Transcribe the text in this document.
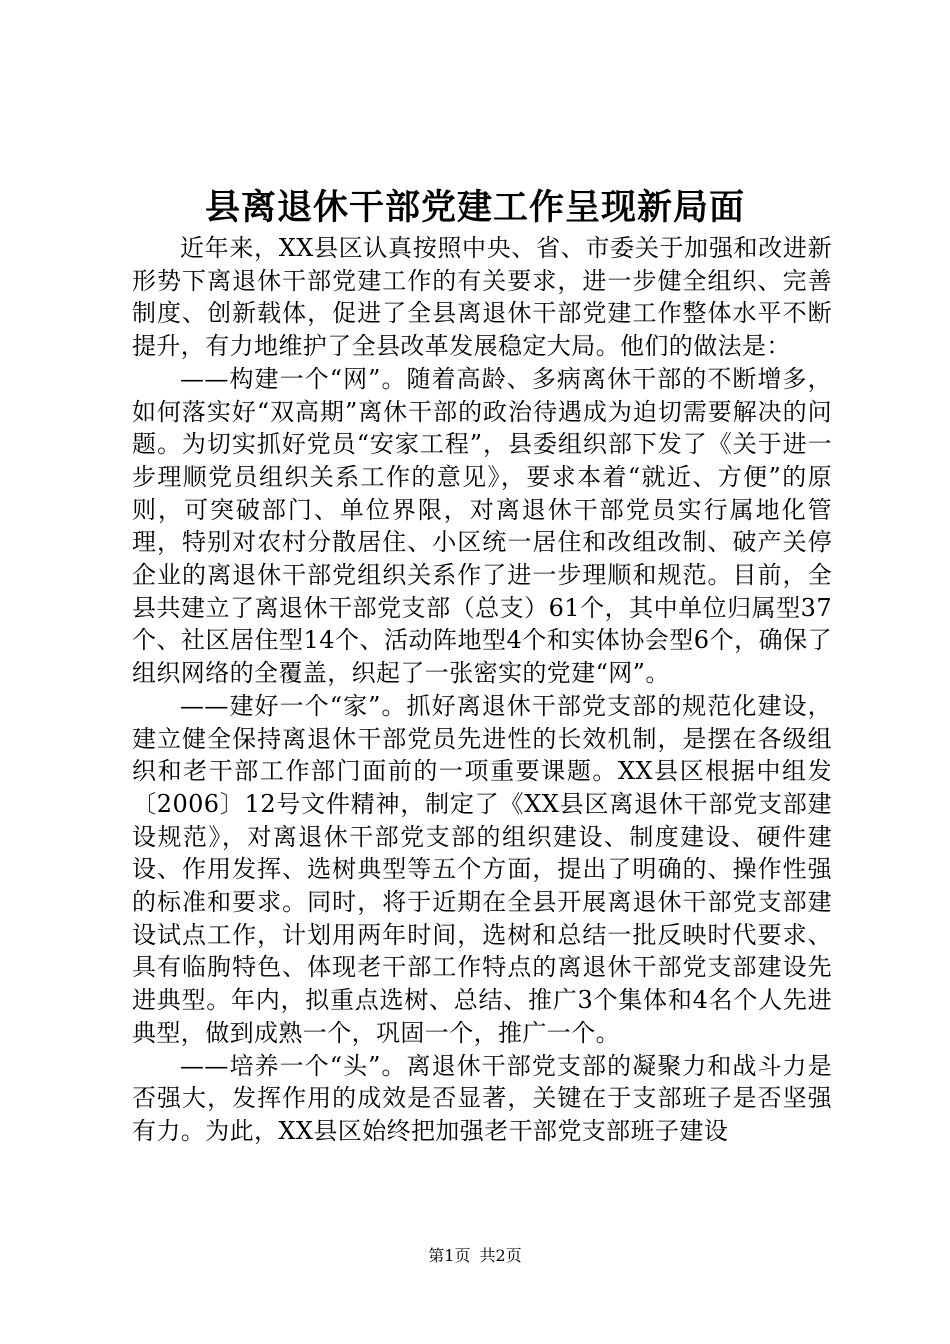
县离退休干部党建工作呈现新局面

近年来，XX县区认真按照中央、省、市委关于加强和改进新形势下离退休干部党建工作的有关要求，进一步健全组织、完善制度、创新载体，促进了全县离退休干部党建工作整体水平不断提升，有力地维护了全县改革发展稳定大局。他们的做法是：

——构建一个“网”。随着高龄、多病离休干部的不断增多，如何落实好“双高期”离休干部的政治待遇成为迫切需要解决的问题。为切实抓好党员“安家工程”，县委组织部下发了《关于进一步理顺党员组织关系工作的意见》，要求本着“就近、方便”的原则，可突破部门、单位界限，对离退休干部党员实行属地化管理，特别对农村分散居住、小区统一居住和改组改制、破产关停企业的离退休干部党组织关系作了进一步理顺和规范。目前，全县共建立了离退休干部党支部（总支）61个，其中单位归属型37个、社区居住型14个、活动阵地型4个和实体协会型6个，确保了组织网络的全覆盖，织起了一张密实的党建“网”。

——建好一个“家”。抓好离退休干部党支部的规范化建设，建立健全保持离退休干部党员先进性的长效机制，是摆在各级组织和老干部工作部门面前的一项重要课题。XX县区根据中组发〔2006〕12号文件精神，制定了《XX县区离退休干部党支部建设规范》，对离退休干部党支部的组织建设、制度建设、硬件建设、作用发挥、选树典型等五个方面，提出了明确的、操作性强的标准和要求。同时，将于近期在全县开展离退休干部党支部建设试点工作，计划用两年时间，选树和总结一批反映时代要求、具有临朐特色、体现老干部工作特点的离退休干部党支部建设先进典型。年内，拟重点选树、总结、推广3个集体和4名个人先进典型，做到成熟一个，巩固一个，推广一个。

——培养一个“头”。离退休干部党支部的凝聚力和战斗力是否强大，发挥作用的成效是否显著，关键在于支部班子是否坚强有力。为此，XX县区始终把加强老干部党支部班子建设

第1页 共2页
